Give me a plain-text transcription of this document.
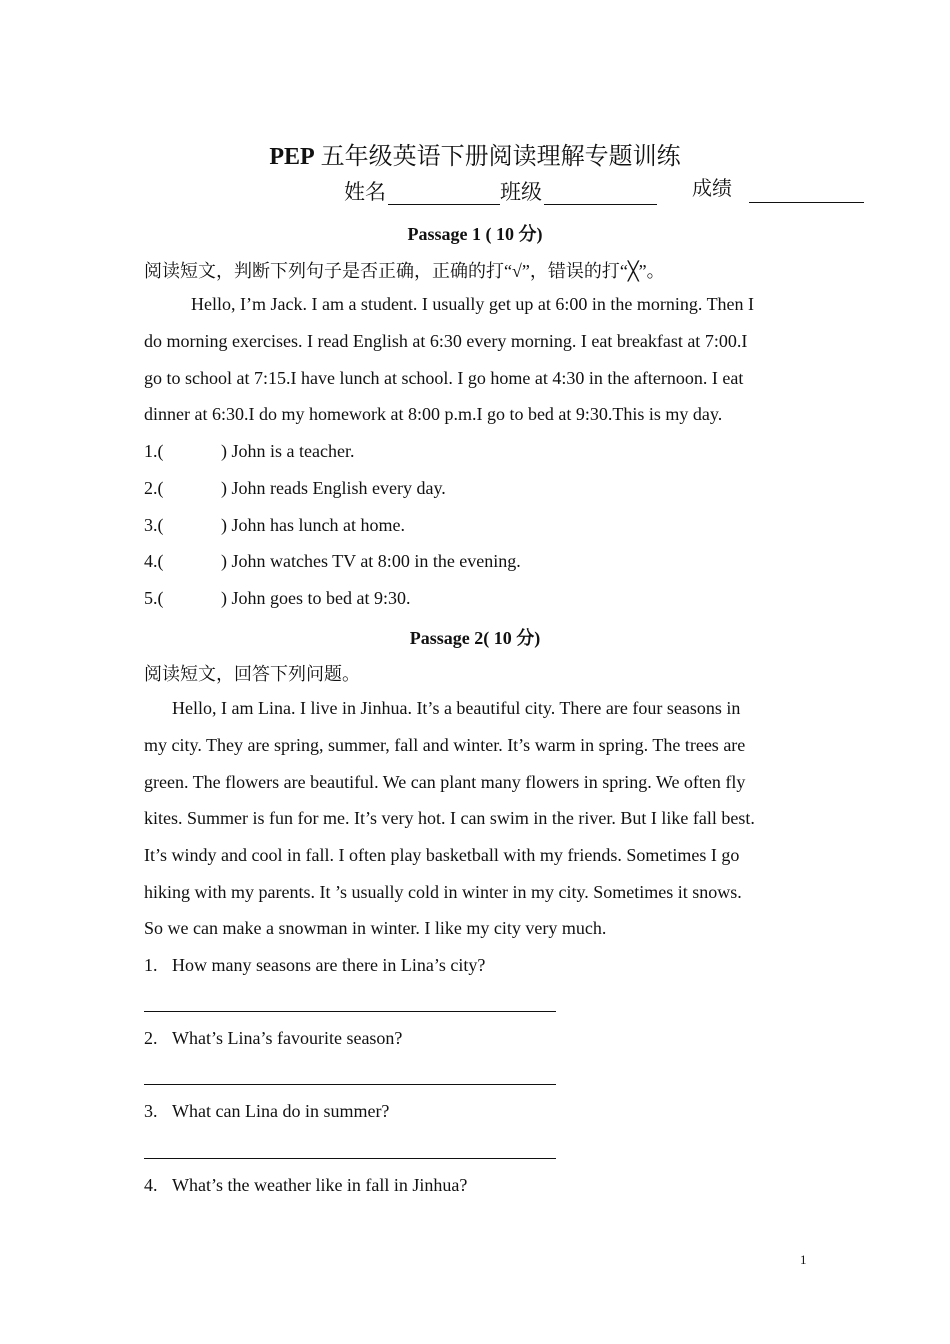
PEP 五年级英语下册阅读理解专题训练
姓名	班级	成绩
Passage 1 ( 10 分)
阅读短文，判断下列句子是否正确，正确的打“√”，错误的打“╳”。
Hello, I’m Jack. I am a student. I usually get up at 6:00 in the morning. Then I
do morning exercises. I read English at 6:30 every morning. I eat breakfast at 7:00.I
go to school at 7:15.I have lunch at school. I go home at 4:30 in the afternoon. I eat
dinner at 6:30.I do my homework at 8:00 p.m.I go to bed at 9:30.This is my day.
1.(	) John is a teacher.
2.(	) John reads English every day.
3.(	) John has lunch at home.
4.(	) John watches TV at 8:00 in the evening.
5.(	) John goes to bed at 9:30.
Passage 2( 10 分)
阅读短文，回答下列问题。
Hello, I am Lina. I live in Jinhua. It’s a beautiful city. There are four seasons in
my city. They are spring, summer, fall and winter. It’s warm in spring. The trees are
green. The flowers are beautiful. We can plant many flowers in spring. We often fly
kites. Summer is fun for me. It’s very hot. I can swim in the river. But I like fall best.
It’s windy and cool in fall. I often play basketball with my friends. Sometimes I go
hiking with my parents. It ’s usually cold in winter in my city. Sometimes it snows.
So we can make a snowman in winter. I like my city very much.
1. How many seasons are there in Lina’s city?
2. What’s Lina’s favourite season?
3. What can Lina do in summer?
4. What’s the weather like in fall in Jinhua?
1
